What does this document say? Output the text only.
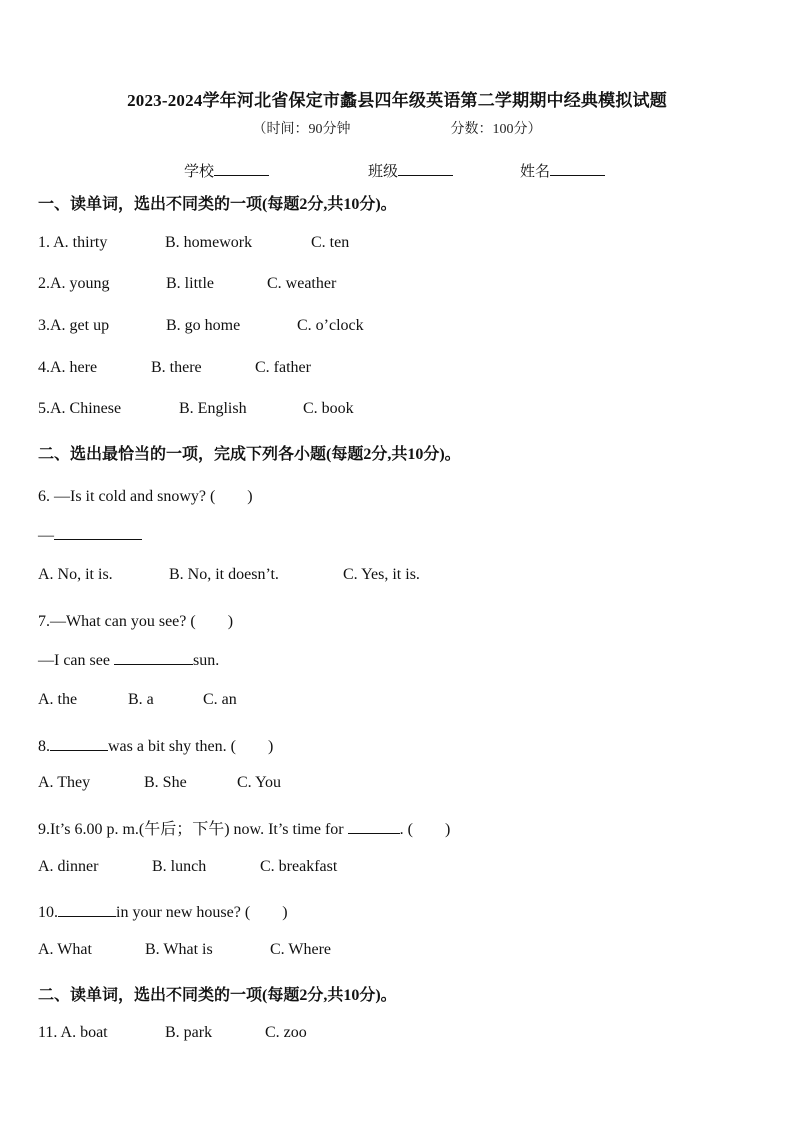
2023-2024学年河北省保定市蠡县四年级英语第二学期期中经典模拟试题
（时间：90分钟	分数：100分）
学校	班级	姓名
一、读单词，选出不同类的一项(每题2分,共10分)。
1. A. thirty	B. homework	C. ten
2.A. young	B. little	C. weather
3.A. get up	B. go home	C. o’clock
4.A. here	B. there	C. father
5.A. Chinese	B. English	C. book
二、选出最恰当的一项，完成下列各小题(每题2分,共10分)。
6. —Is it cold and snowy? (　　)
—
A. No, it is.	B. No, it doesn’t.	C. Yes, it is.
7.—What can you see? (　　)
—I can see	sun.
A. the	B. a	C. an
8.	was a bit shy then. (　　)
A. They	B. She	C. You
9.It’s 6.00 p. m.(午后；下午) now. It’s time for	. (　　)
A. dinner	B. lunch	C. breakfast
10.	in your new house? (　　)
A. What	B. What is	C. Where
二、读单词，选出不同类的一项(每题2分,共10分)。
11. A. boat	B. park	C. zoo
